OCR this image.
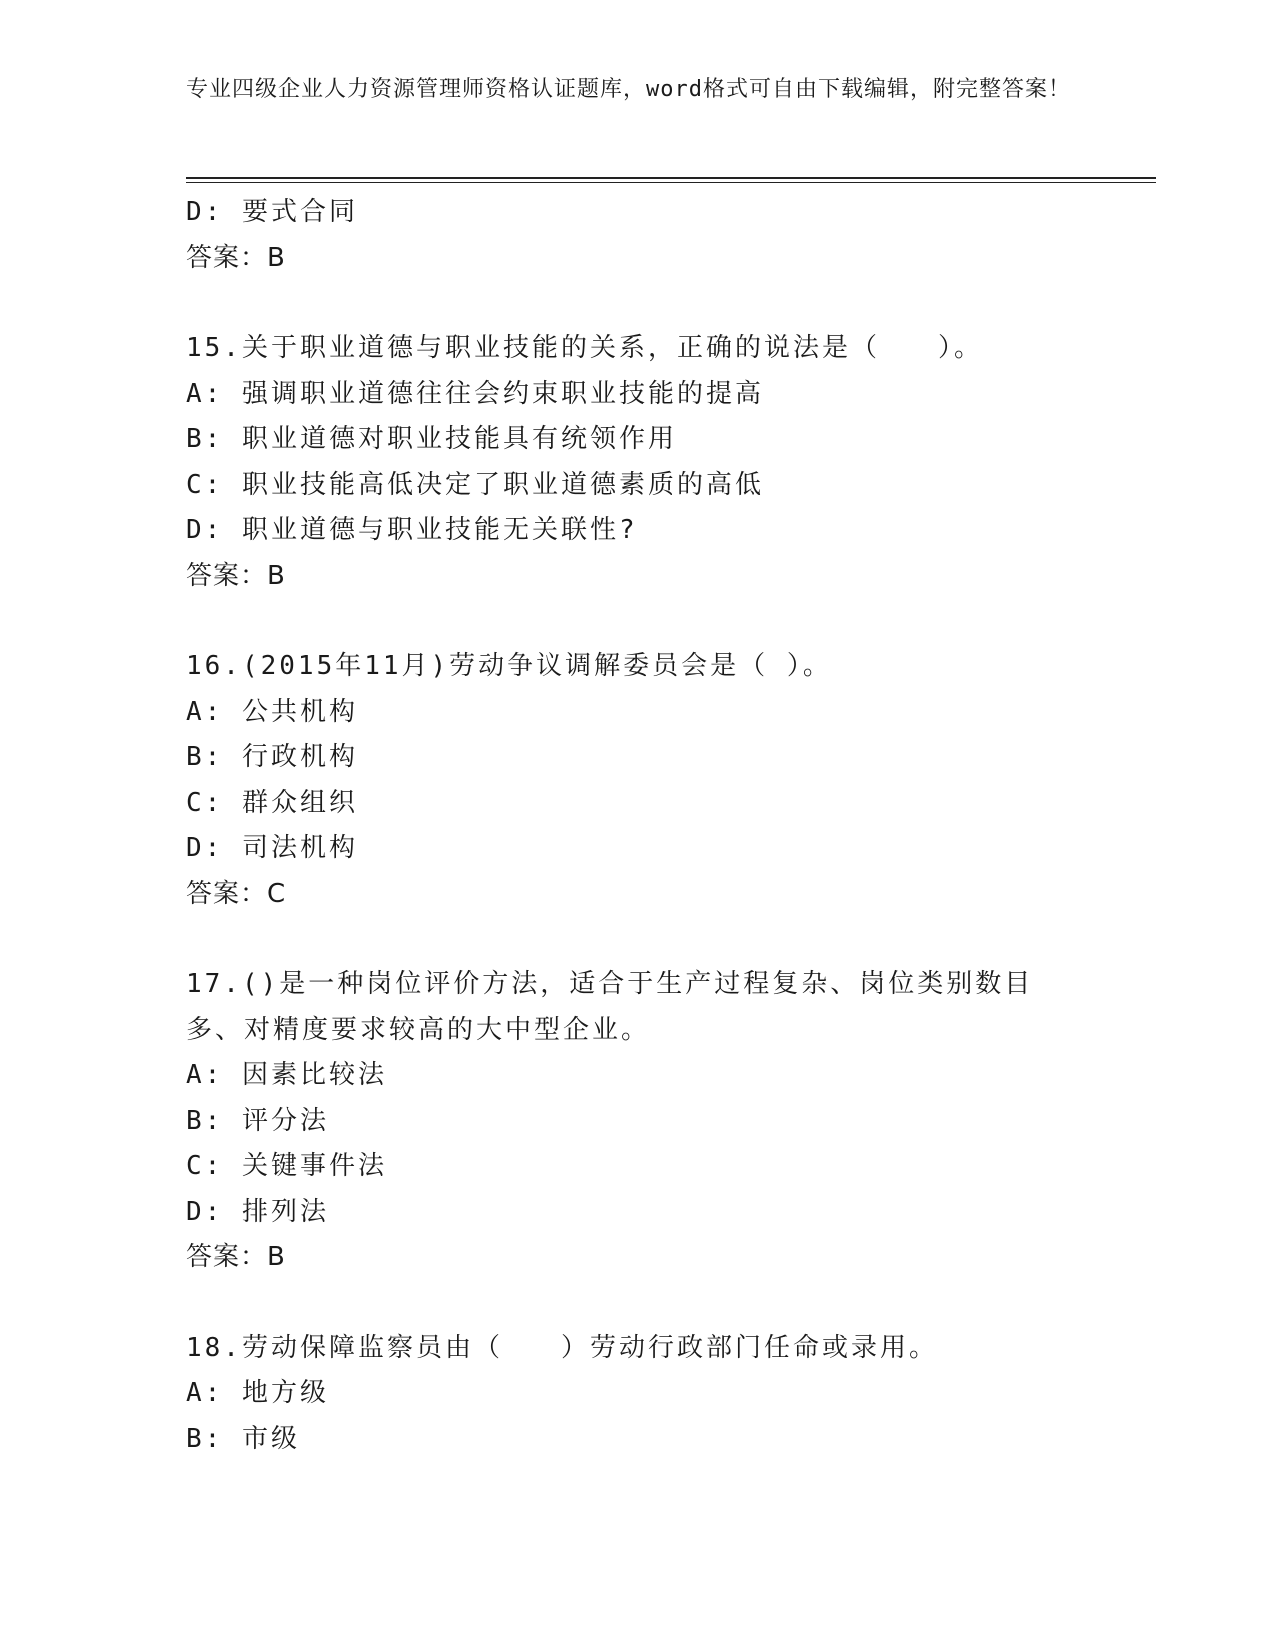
专业四级企业人力资源管理师资格认证题库，word格式可自由下载编辑，附完整答案！
D: 要式合同
答案：B
15.关于职业道德与职业技能的关系，正确的说法是（　　）。
A: 强调职业道德往往会约束职业技能的提高
B: 职业道德对职业技能具有统领作用
C: 职业技能高低决定了职业道德素质的高低
D: 职业道德与职业技能无关联性?
答案：B
16.(2015年11月)劳动争议调解委员会是（ ）。
A: 公共机构
B: 行政机构
C: 群众组织
D: 司法机构
答案：C
17.()是一种岗位评价方法，适合于生产过程复杂、岗位类别数目多、对精度要求较高的大中型企业。
A: 因素比较法
B: 评分法
C: 关键事件法
D: 排列法
答案：B
18.劳动保障监察员由（　　）劳动行政部门任命或录用。
A: 地方级
B: 市级
